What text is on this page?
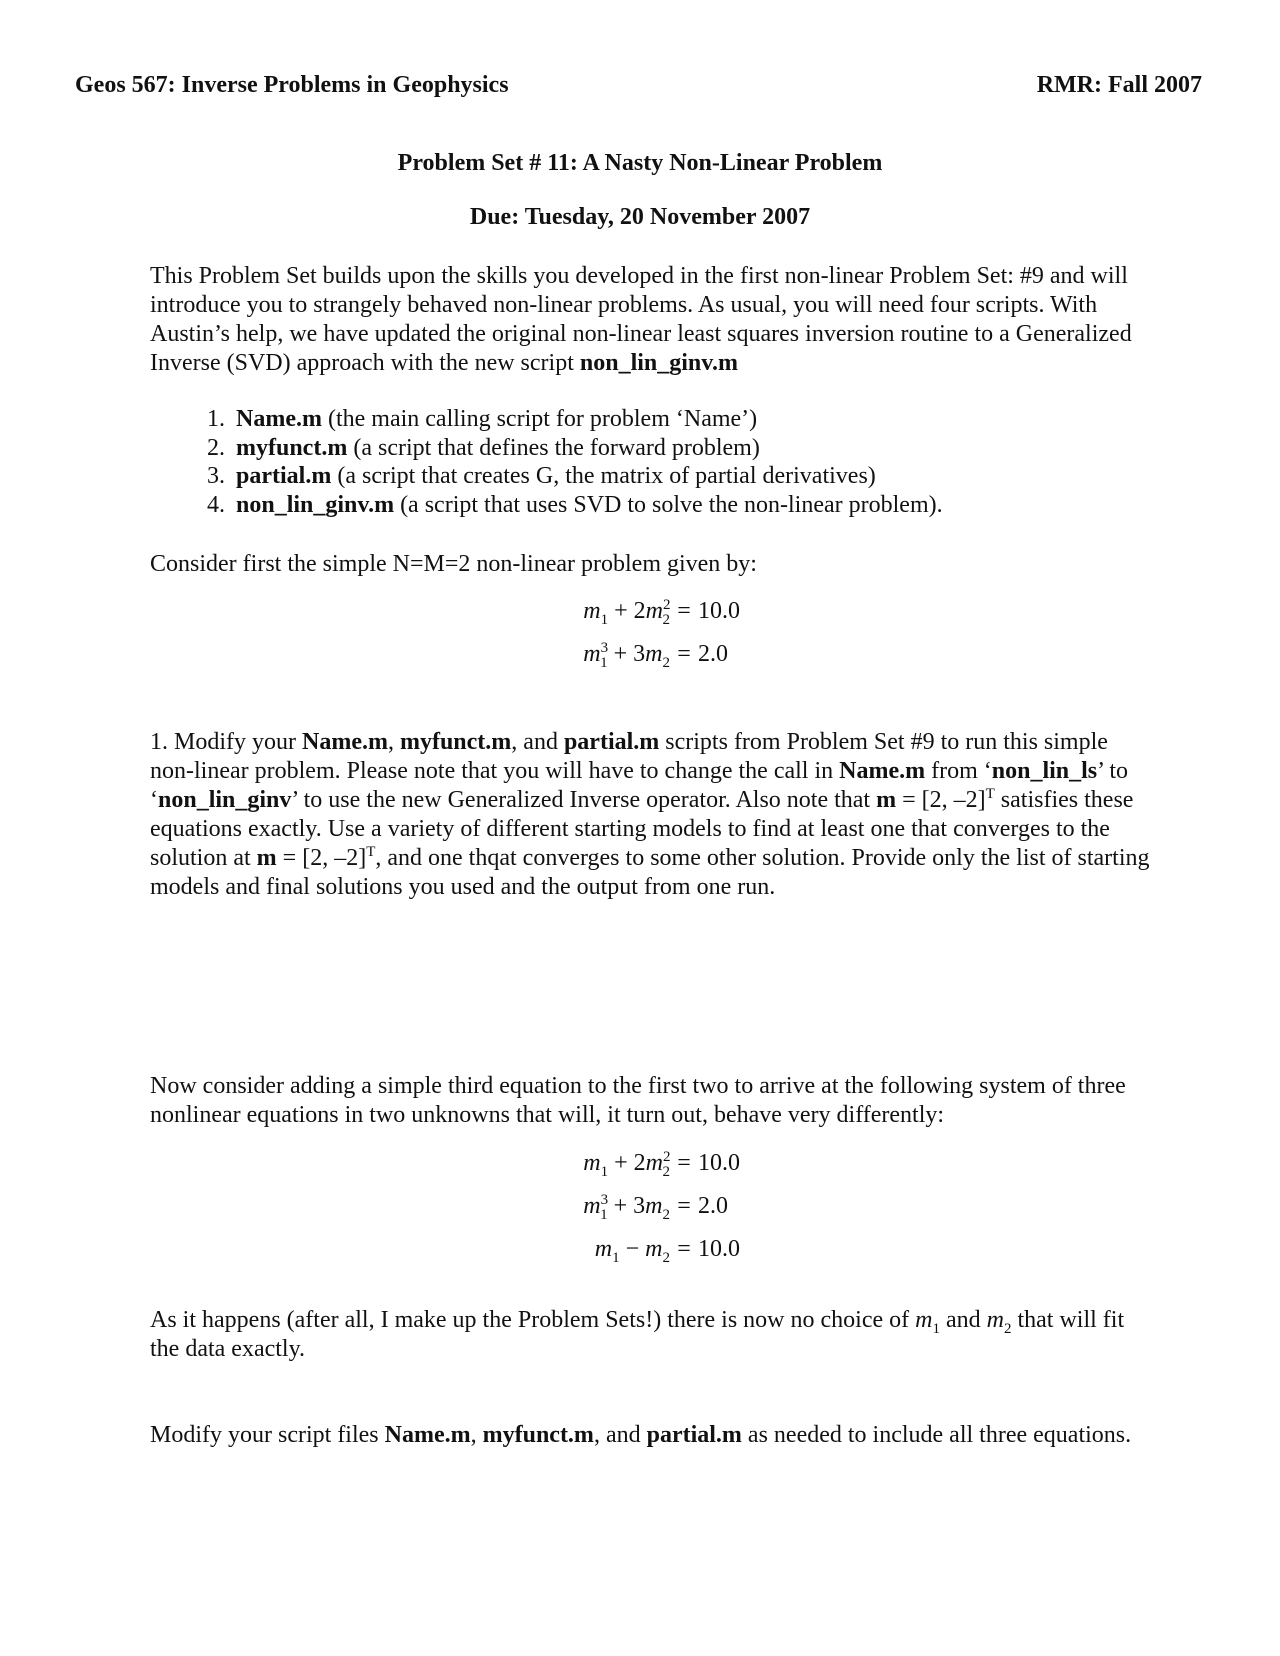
Geos 567: Inverse Problems in Geophysics	RMR: Fall 2007
Problem Set # 11: A Nasty Non-Linear Problem
Due: Tuesday, 20 November 2007
This Problem Set builds upon the skills you developed in the first non-linear Problem Set: #9 and will introduce you to strangely behaved non-linear problems. As usual, you will need four scripts. With Austin’s help, we have updated the original non-linear least squares inversion routine to a Generalized Inverse (SVD) approach with the new script non_lin_ginv.m
1. Name.m (the main calling script for problem ‘Name’)
2. myfunct.m (a script that defines the forward problem)
3. partial.m (a script that creates G, the matrix of partial derivatives)
4. non_lin_ginv.m (a script that uses SVD to solve the non-linear problem).
Consider first the simple N=M=2 non-linear problem given by:
$m_1 + 2m^2_2 = 10.0$
$m^3_1 + 3m_2 = 2.0$
1. Modify your Name.m, myfunct.m, and partial.m scripts from Problem Set #9 to run this simple non-linear problem. Please note that you will have to change the call in Name.m from ‘non_lin_ls’ to ‘non_lin_ginv’ to use the new Generalized Inverse operator. Also note that m = [2, –2]$^T$ satisfies these equations exactly. Use a variety of different starting models to find at least one that converges to the solution at m = [2, –2]$^T$, and one thqat converges to some other solution. Provide only the list of starting models and final solutions you used and the output from one run.
Now consider adding a simple third equation to the first two to arrive at the following system of three nonlinear equations in two unknowns that will, it turn out, behave very differently:
$m_1 + 2m^2_2 = 10.0$
$m^3_1 + 3m_2 = 2.0$
$m_1 - m_2 = 10.0$
As it happens (after all, I make up the Problem Sets!) there is now no choice of $m_1$ and $m_2$ that will fit the data exactly.
Modify your script files Name.m, myfunct.m, and partial.m as needed to include all three equations.
